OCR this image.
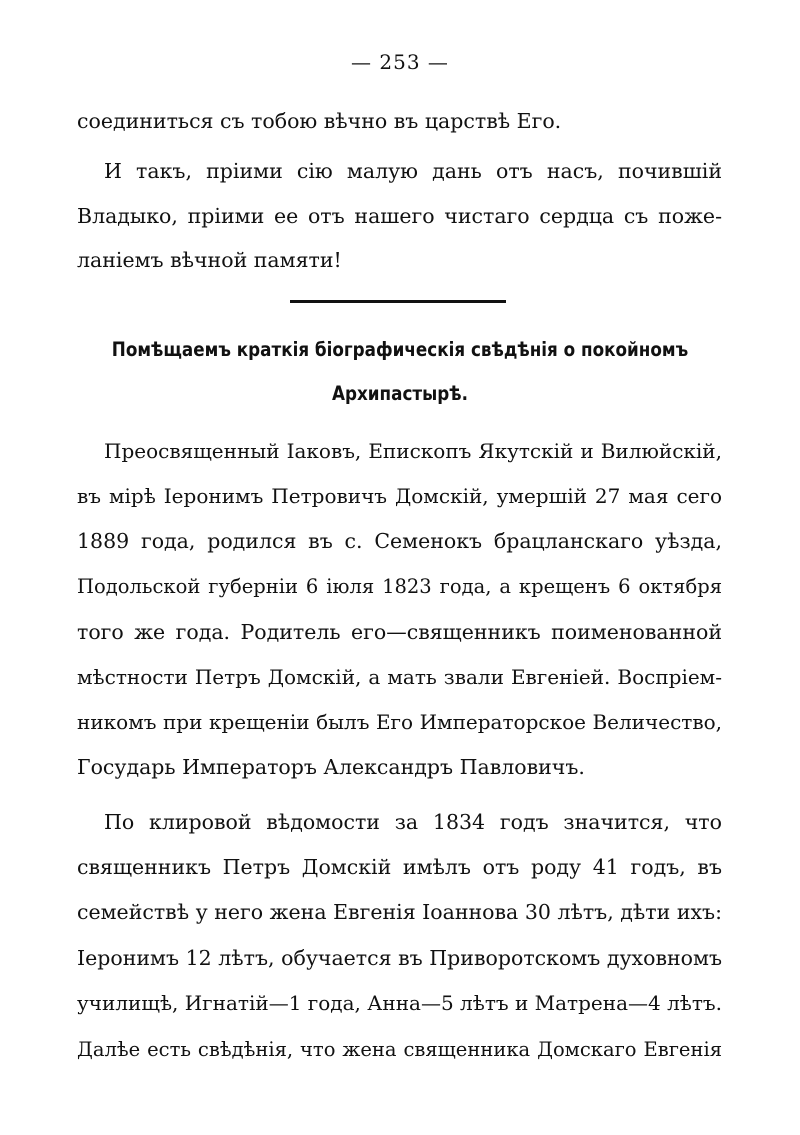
— 253 —
соединиться съ тобою вѣчно въ царствѣ Его.
И такъ, пріими сію малую дань отъ насъ, почившій
Владыко, пріими ее отъ нашего чистаго сердца съ поже-
ланіемъ вѣчной памяти!
Помѣщаемъ краткія біографическія свѣдѣнія о покойномъ
Архипастырѣ.
Преосвященный Іаковъ, Епископъ Якутскій и Вилюйскій,
въ мірѣ Іеронимъ Петровичъ Домскій, умершій 27 мая сего
1889 года, родился въ с. Семенокъ брацланскаго уѣзда,
Подольской губерніи 6 іюля 1823 года, а крещенъ 6 октября
того же года. Родитель его—священникъ поименованной
мѣстности Петръ Домскій, а мать звали Евгеніей. Воспріем-
никомъ при крещеніи былъ Его Императорское Величество,
Государь Императоръ Александръ Павловичъ.
По клировой вѣдомости за 1834 годъ значится, что
священникъ Петръ Домскій имѣлъ отъ роду 41 годъ, въ
семействѣ у него жена Евгенія Іоаннова 30 лѣтъ, дѣти ихъ:
Іеронимъ 12 лѣтъ, обучается въ Приворотскомъ духовномъ
училищѣ, Игнатій—1 года, Анна—5 лѣтъ и Матрена—4 лѣтъ.
Далѣе есть свѣдѣнія, что жена священника Домскаго Евгенія
